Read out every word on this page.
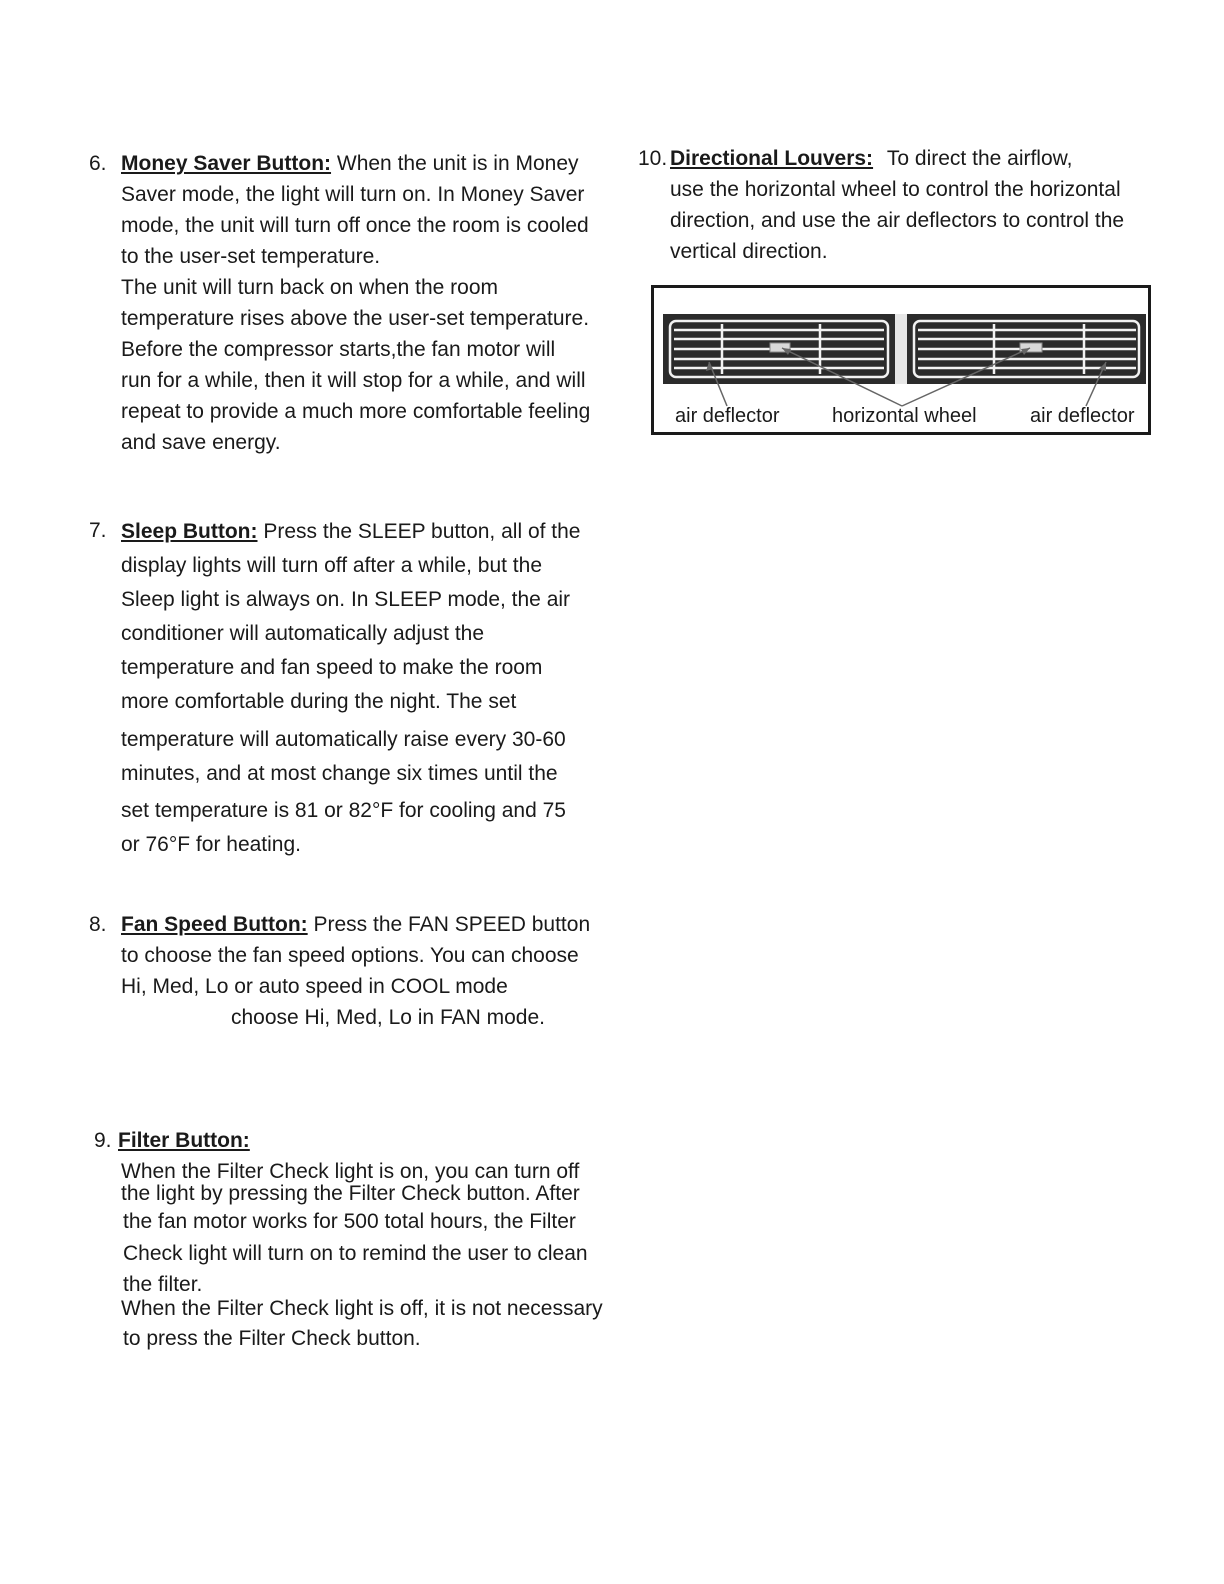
6. Money Saver Button: When the unit is in Money
Saver mode, the light will turn on. In Money Saver
mode, the unit will turn off once the room is cooled
to the user-set temperature.
The unit will turn back on when the room
temperature rises above the user-set temperature.
Before the compressor starts,the fan motor will
run for a while, then it will stop for a while, and will
repeat to provide a much more comfortable feeling
and save energy.
7. Sleep Button: Press the SLEEP button, all of the
display lights will turn off after a while, but the
Sleep light is always on. In SLEEP mode, the air
conditioner will automatically adjust the
temperature and fan speed to make the room
more comfortable during the night. The set
temperature will automatically raise every 30-60
minutes, and at most change six times until the
set temperature is 81 or 82°F for cooling and 75
or 76°F for heating.
8. Fan Speed Button: Press the FAN SPEED button
to choose the fan speed options. You can choose
Hi, Med, Lo or auto speed in COOL mode
choose Hi, Med, Lo in FAN mode.
9. Filter Button:
When the Filter Check light is on, you can turn off
the light by pressing the Filter Check button. After
the fan motor works for 500 total hours, the Filter
Check light will turn on to remind the user to clean
the filter.
When the Filter Check light is off, it is not necessary
to press the Filter Check button.
10. Directional Louvers: To direct the airflow,
use the horizontal wheel to control the horizontal
direction, and use the air deflectors to control the
vertical direction.
air deflector	horizontal wheel	air deflector
